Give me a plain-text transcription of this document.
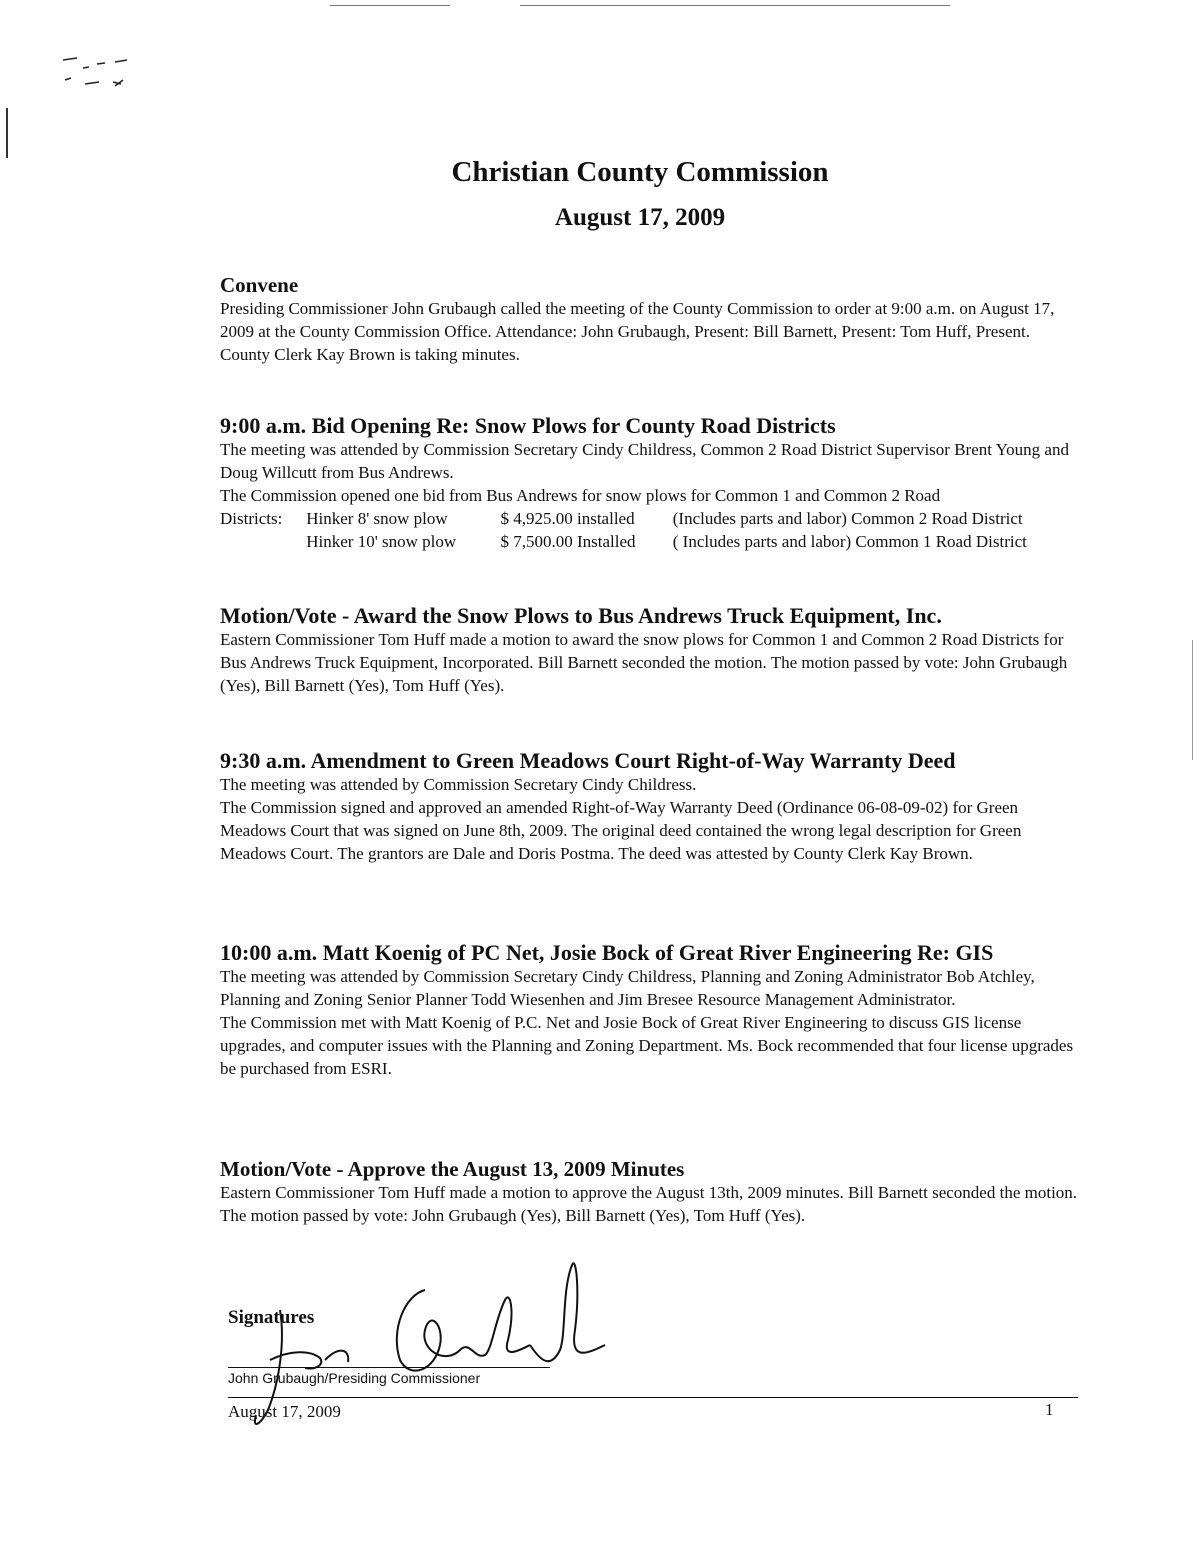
Christian County Commission
August 17, 2009
Convene

Presiding Commissioner John Grubaugh called the meeting of the County Commission to order at 9:00 a.m. on August 17, 2009 at the County Commission Office. Attendance: John Grubaugh, Present: Bill Barnett, Present: Tom Huff, Present. County Clerk Kay Brown is taking minutes.

9:00 a.m. Bid Opening Re: Snow Plows for County Road Districts

The meeting was attended by Commission Secretary Cindy Childress, Common 2 Road District Supervisor Brent Young and Doug Willcutt from Bus Andrews.

The Commission opened one bid from Bus Andrews for snow plows for Common 1 and Common 2 Road

Districts: Hinker 8' snow plow	$ 4,925.00 installed (Includes parts and labor) Common 2 Road District
Hinker 10' snow plow	$ 7,500.00 Installed ( Includes parts and labor) Common 1 Road District
Motion/Vote - Award the Snow Plows to Bus Andrews Truck Equipment, Inc.

Eastern Commissioner Tom Huff made a motion to award the snow plows for Common 1 and Common 2 Road Districts for Bus Andrews Truck Equipment, Incorporated. Bill Barnett seconded the motion. The motion passed by vote: John Grubaugh (Yes), Bill Barnett (Yes), Tom Huff (Yes).

9:30 a.m. Amendment to Green Meadows Court Right-of-Way Warranty Deed

The meeting was attended by Commission Secretary Cindy Childress.

The Commission signed and approved an amended Right-of-Way Warranty Deed (Ordinance 06-08-09-02) for Green Meadows Court that was signed on June 8th, 2009. The original deed contained the wrong legal description for Green Meadows Court. The grantors are Dale and Doris Postma. The deed was attested by County Clerk Kay Brown.

10:00 a.m. Matt Koenig of PC Net, Josie Bock of Great River Engineering Re: GIS

The meeting was attended by Commission Secretary Cindy Childress, Planning and Zoning Administrator Bob Atchley, Planning and Zoning Senior Planner Todd Wiesenhen and Jim Bresee Resource Management Administrator.

The Commission met with Matt Koenig of P.C. Net and Josie Bock of Great River Engineering to discuss GIS license upgrades, and computer issues with the Planning and Zoning Department. Ms. Bock recommended that four license upgrades be purchased from ESRI.

Motion/Vote - Approve the August 13, 2009 Minutes

Eastern Commissioner Tom Huff made a motion to approve the August 13th, 2009 minutes. Bill Barnett seconded the motion. The motion passed by vote: John Grubaugh (Yes), Bill Barnett (Yes), Tom Huff (Yes).

Signatures
John Grubaugh/Presiding Commissioner
August 17, 2009	1
